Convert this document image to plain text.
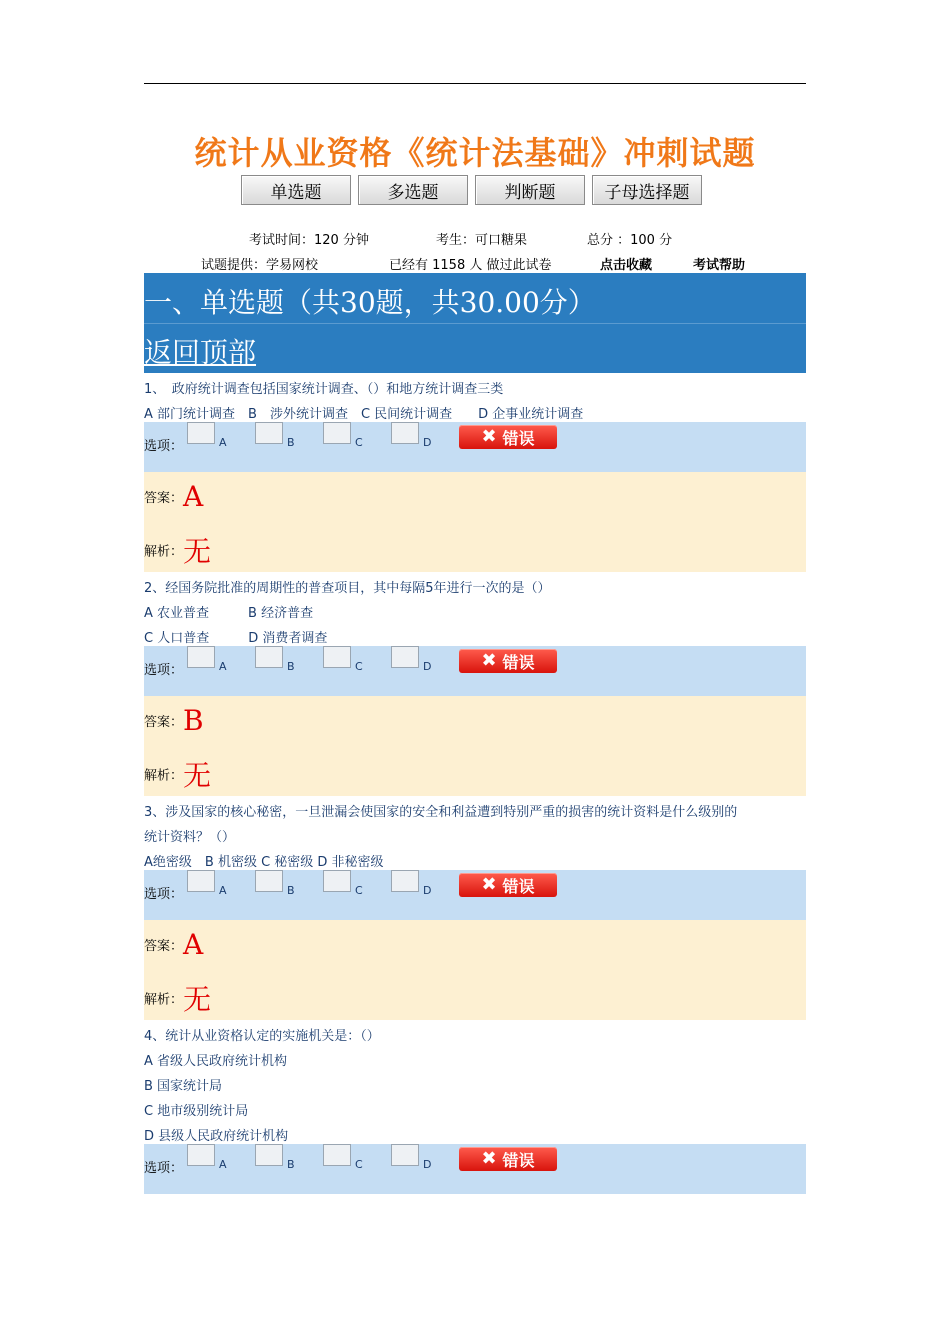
统计从业资格《统计法基础》冲刺试题
单选题	多选题	判断题	子母选择题
考试时间：120 分钟	考生：可口糖果	总分 ：100 分
试题提供：学易网校	已经有 1158 人 做过此试卷	点击收藏	考试帮助
一、单选题（共30题，共30.00分）
返回顶部
1、　政府统计调查包括国家统计调查、（）和地方统计调查三类
A 部门统计调查　B　涉外统计调查　C 民间统计调查　　D 企事业统计调查
选项：	A	B	C	D	✖ 错误
答案：A
解析：无
2、经国务院批准的周期性的普查项目，其中每隔5年进行一次的是（）
A 农业普查　　　B 经济普查
C 人口普查　　　D 消费者调查
选项：	A	B	C	D	✖ 错误
答案：B
解析：无
3、涉及国家的核心秘密，一旦泄漏会使国家的安全和利益遭到特别严重的损害的统计资料是什么级别的
统计资料？（）
A绝密级　B 机密级 C 秘密级 D 非秘密级
选项：	A	B	C	D	✖ 错误
答案：A
解析：无
4、统计从业资格认定的实施机关是：（）
A 省级人民政府统计机构
B 国家统计局
C 地市级别统计局
D 县级人民政府统计机构
选项：	A	B	C	D	✖ 错误
